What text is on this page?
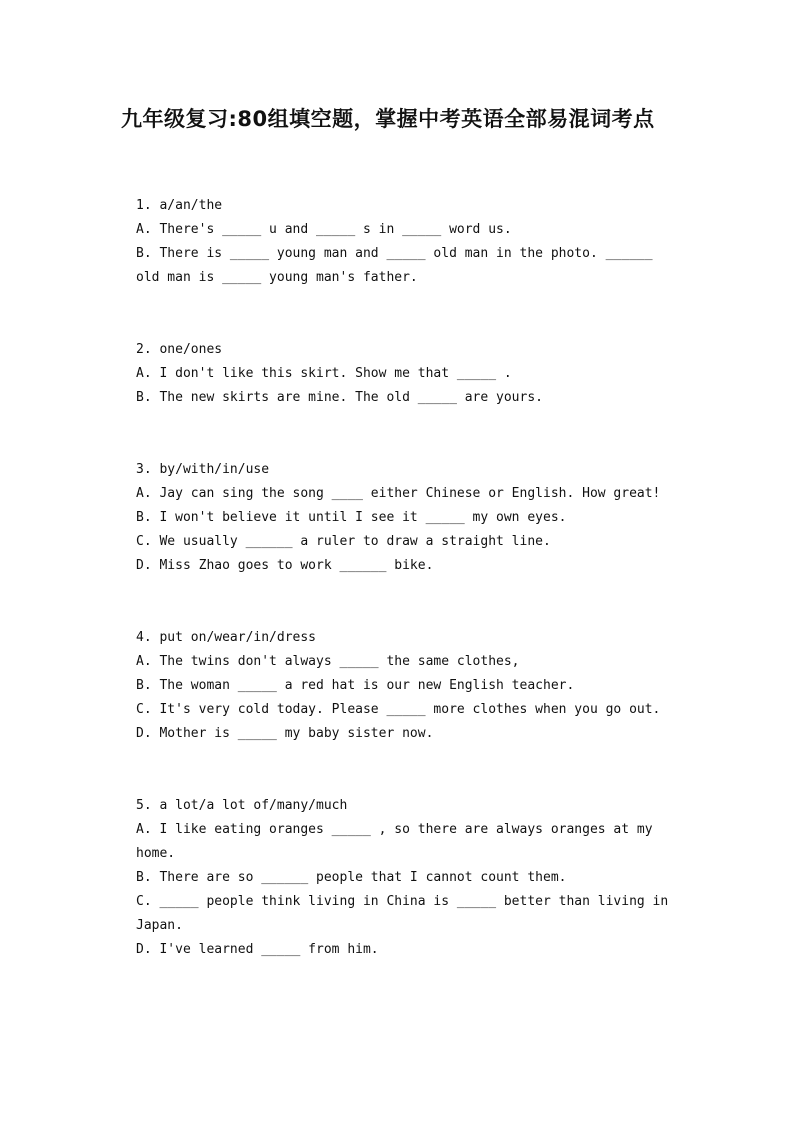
九年级复习:80组填空题，掌握中考英语全部易混词考点
1. a/an/the
A. There's _____ u and _____ s in _____ word us.
B. There is _____ young man and _____ old man in the photo. ______ old man is _____ young man's father.
2. one/ones
A. I don't like this skirt. Show me that _____ .
B. The new skirts are mine. The old _____ are yours.
3. by/with/in/use
A. Jay can sing the song ____ either Chinese or English. How great!
B. I won't believe it until I see it _____ my own eyes.
C. We usually ______ a ruler to draw a straight line.
D. Miss Zhao goes to work ______ bike.
4. put on/wear/in/dress
A. The twins don't always _____ the same clothes,
B. The woman _____ a red hat is our new English teacher.
C. It's very cold today. Please _____ more clothes when you go out.
D. Mother is _____ my baby sister now.
5. a lot/a lot of/many/much
A. I like eating oranges _____ , so there are always oranges at my home.
B. There are so ______ people that I cannot count them.
C. _____ people think living in China is _____ better than living in Japan.
D. I've learned _____ from him.
